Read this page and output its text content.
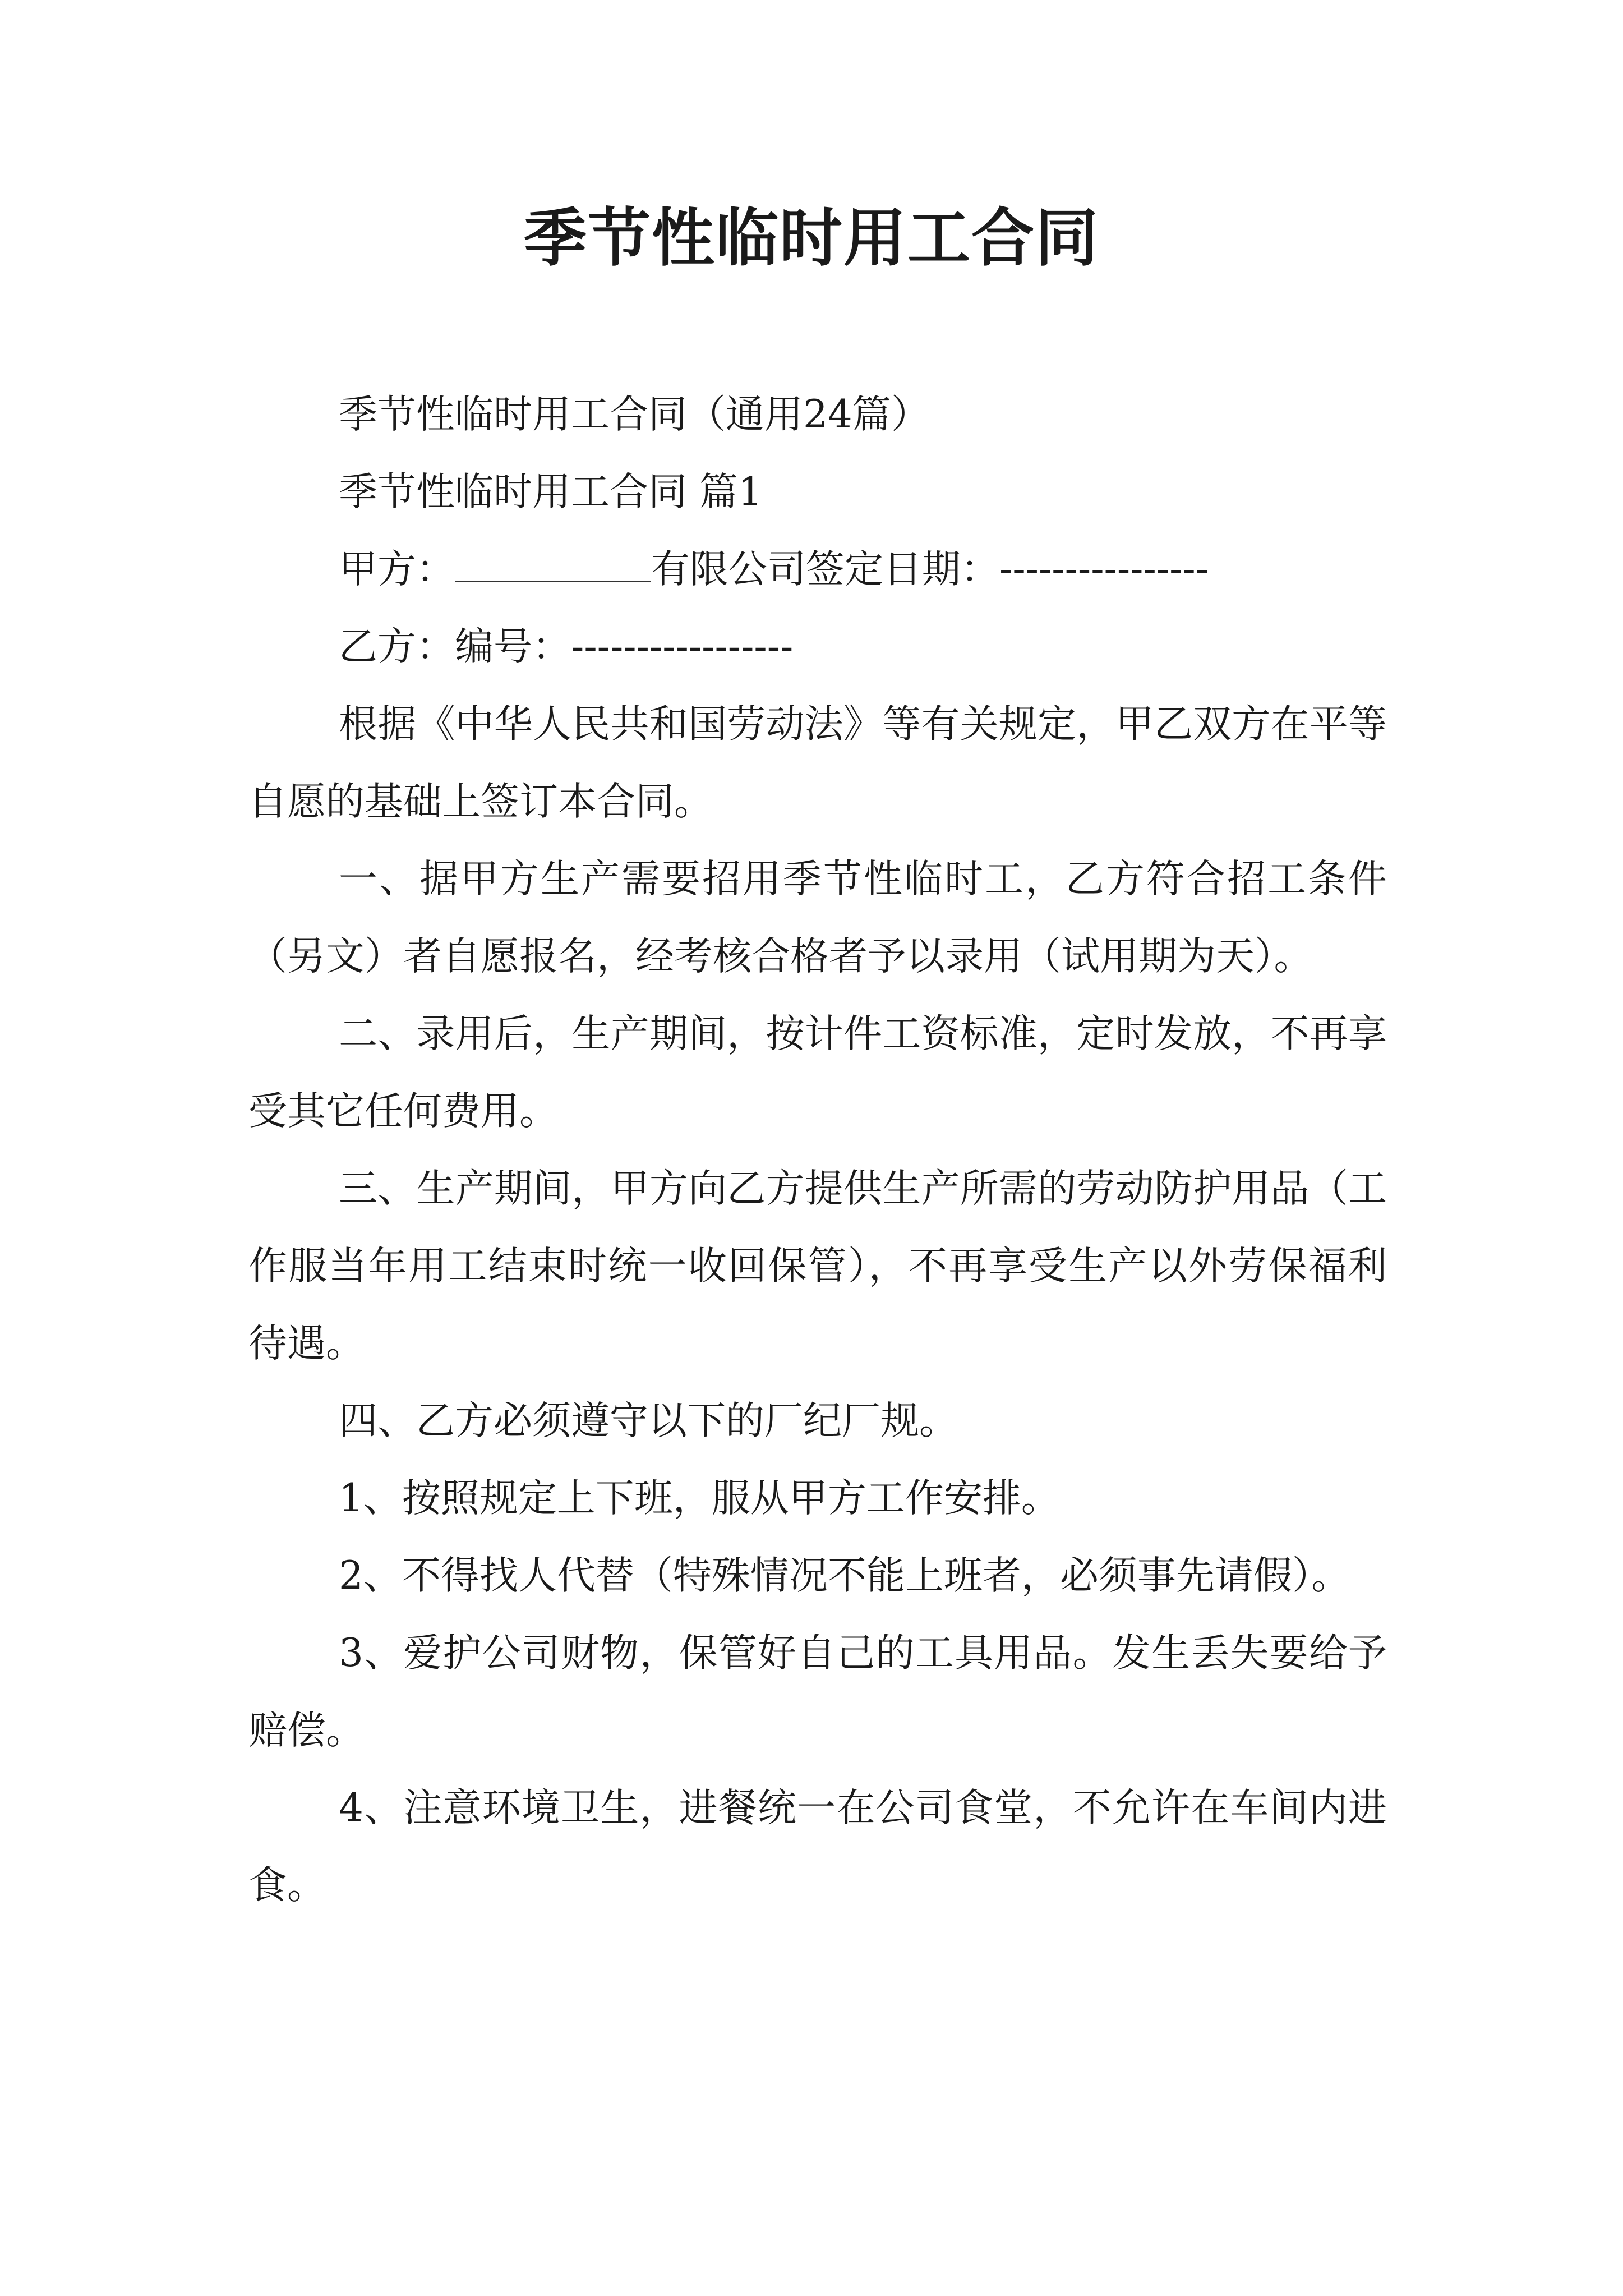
季节性临时用工合同

季节性临时用工合同（通用24篇）

季节性临时用工合同 篇1

甲方：	有限公司签定日期：----------------

乙方：编号：-----------------

根据《中华人民共和国劳动法》等有关规定，甲乙双方在平等自愿的基础上签订本合同。

一、据甲方生产需要招用季节性临时工，乙方符合招工条件（另文）者自愿报名，经考核合格者予以录用（试用期为天）。

二、录用后，生产期间，按计件工资标准，定时发放，不再享受其它任何费用。

三、生产期间，甲方向乙方提供生产所需的劳动防护用品（工作服当年用工结束时统一收回保管），不再享受生产以外劳保福利待遇。

四、乙方必须遵守以下的厂纪厂规。

1、按照规定上下班，服从甲方工作安排。

2、不得找人代替（特殊情况不能上班者，必须事先请假）。

3、爱护公司财物，保管好自己的工具用品。发生丢失要给予赔偿。

4、注意环境卫生，进餐统一在公司食堂，不允许在车间内进食。
